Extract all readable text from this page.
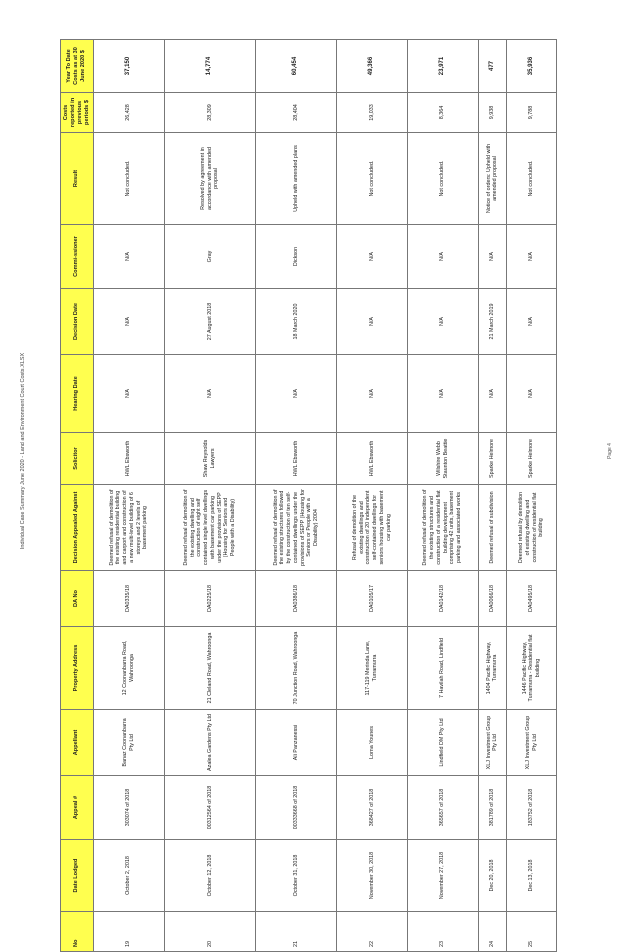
Individual Case Summary June 2020 - Land and Environment Court Costs.XLSX	Page 4
No	Date Lodged	Appeal #	Appellant	Property Address	DA No	Decision Appealed Against	Solicitor	Hearing Date	Decision Date	Commi-ssioner	Result	Costs reported in previous periods $	Year To Date Costs as at 30 June 2020 $
19	October 2, 2018	303074 of 2018	Banaz Coonanbarra Pty Ltd	12 Coonanbarra Road, Wahroonga	DA0335/18	Deemed refusal of demolition of the existing residential building and carport and construction of a new multi-level building of 6 storeys and 2 levels of basement parking	HWL Ebsworth	N/A	N/A	N/A	Not concluded.	26,428	37,150
20	October 12, 2018	00312564 of 2018	Azalea Gardens Pty Ltd	21 Cleland Road, Wahroonga	DA0225/18	Deemed refusal of demolition of the existing dwelling and construction of eight self contained single level dwellings with basement car parking under the provisions of SEPP (Housing for Seniors and People with a Disability)	Shaw Reynolds Lawyers	N/A	27 August 2018	Gray	Resolved by agreement in accordance with amended proposal	28,309	14,774
21	October 31, 2018	00333668 of 2018	Ali Panzanessi	70 Junction Road, Wahroonga	DA0386/18	Deemed refusal of demolition of the existing structures followed by the construction of ten self-contained dwellings under the provisions of SEPP (Housing for Seniors or People with a Disability) 2004	HWL Ebsworth	N/A	18 March 2020	Dickson	Upheld with amended plans	28,404	60,454
22	November 30, 2018	368427 of 2018	Lorna Younes	117-119 Merinda Lane, Turramurra	DA0105/17	Refusal of demolition of the existing dwellings and construction of 20 independent self-contained dwellings for seniors housing with basement car parking	HWL Ebsworth	N/A	N/A	N/A	Not concluded.	19,033	49,366
23	November 27, 2018	365657 of 2018	Lindfield DM Pty Ltd	7 Havilah Road, Lindfield	DA0142/18	Deemed refusal of demolition of the existing structures and construction of a residential flat building development comprising 42 units, basement parking and associated works	Wilshire Webb Staunton Beattie	N/A	N/A	N/A	Not concluded.	8,364	23,971
24	Dec 20, 2018	381789 of 2018	XLJ Investment Group Pty Ltd	1404 Pacific Highway, Turramurra	DA0066/18	Deemed refusal of subdivision	Sparke Helmore	N/A	21 March 2019	N/A	Notice of orders: Upheld with amended proposal	9,938	477
25	Dec 13, 2018	183752 of 2018	XLJ Investment Group Pty Ltd	1446 Pacific Highway, Turramurra - Residential flat building	DA0495/18	Deemed refusal by demolition of existing dwelling and construction of residential flat building	Sparke Helmore	N/A	N/A	N/A	Not concluded.	9,788	35,936
